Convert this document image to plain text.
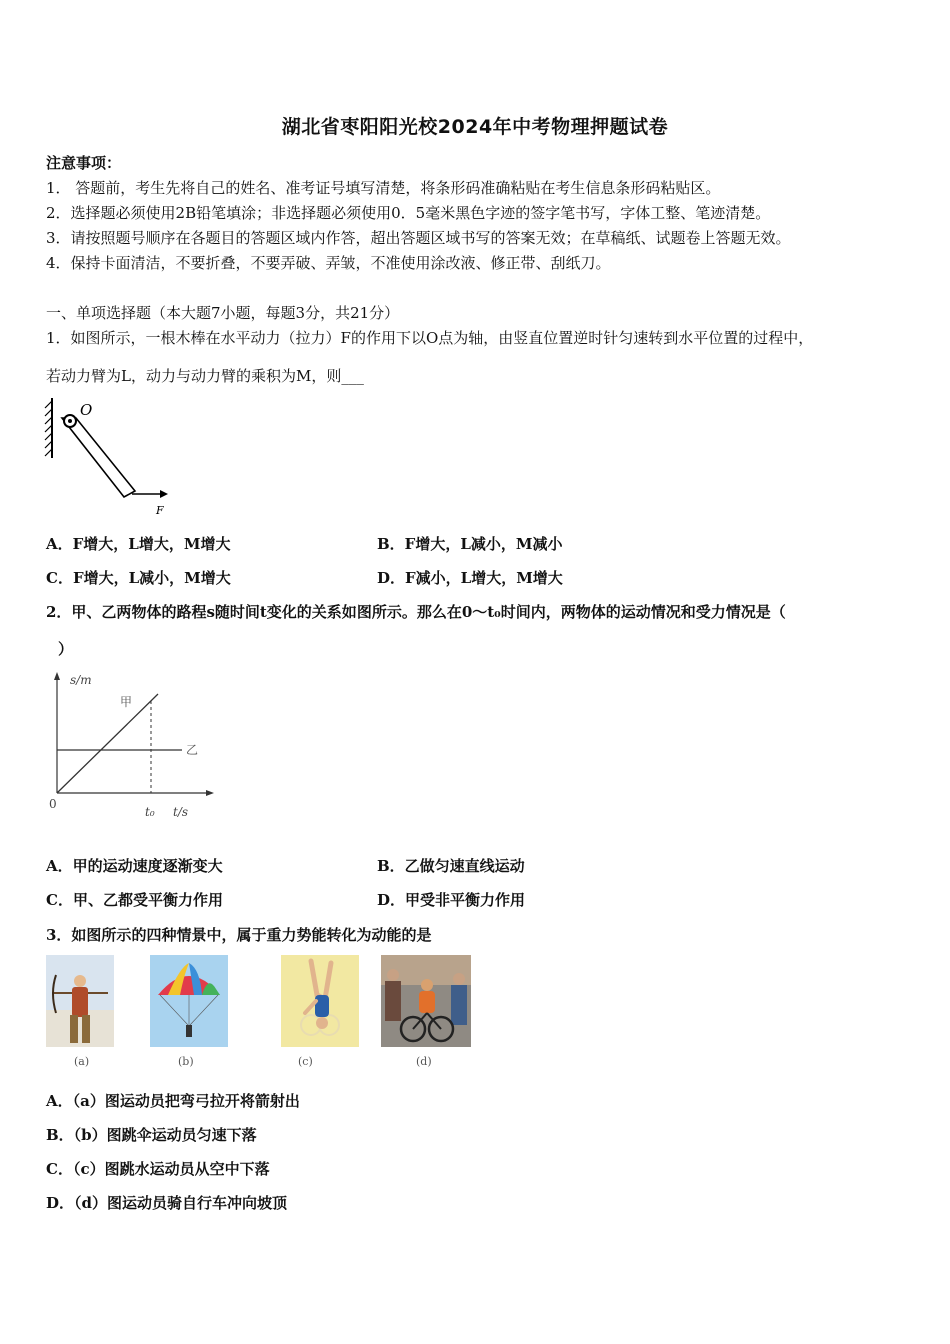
湖北省枣阳阳光校2024年中考物理押题试卷
注意事项：
1． 答题前，考生先将自己的姓名、准考证号填写清楚，将条形码准确粘贴在考生信息条形码粘贴区。
2．选择题必须使用2B铅笔填涂；非选择题必须使用0．5毫米黑色字迹的签字笔书写，字体工整、笔迹清楚。
3．请按照题号顺序在各题目的答题区域内作答，超出答题区域书写的答案无效；在草稿纸、试题卷上答题无效。
4．保持卡面清洁，不要折叠，不要弄破、弄皱，不准使用涂改液、修正带、刮纸刀。
一、单项选择题（本大题7小题，每题3分，共21分）
1．如图所示，一根木棒在水平动力（拉力）F的作用下以O点为轴，由竖直位置逆时针匀速转到水平位置的过程中，
若动力臂为L，动力与动力臂的乘积为M，则___
O
F
A．F增大，L增大，M增大	B．F增大，L减小，M减小
C．F增大，L减小，M增大	D．F减小，L增大，M增大
2．甲、乙两物体的路程s随时间t变化的关系如图所示。那么在0～t₀时间内，两物体的运动情况和受力情况是（
）
s/m
甲
乙
0
t₀ t/s
A．甲的运动速度逐渐变大	B．乙做匀速直线运动
C．甲、乙都受平衡力作用	D．甲受非平衡力作用
3．如图所示的四种情景中，属于重力势能转化为动能的是
(a)	(b)	(c)	(d)
A．（a）图运动员把弯弓拉开将箭射出
B．（b）图跳伞运动员匀速下落
C．（c）图跳水运动员从空中下落
D．（d）图运动员骑自行车冲向坡顶
